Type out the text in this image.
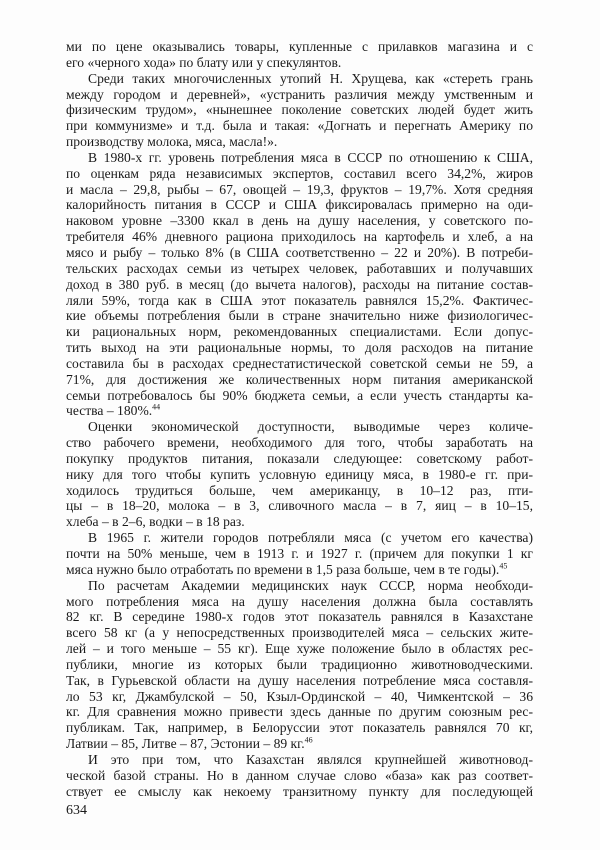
ми по цене оказывались товары, купленные с прилавков магазина и с
его «черного хода» по блату или у спекулянтов.
Среди таких многочисленных утопий Н. Хрущева, как «стереть грань
между городом и деревней», «устранить различия между умственным и
физическим трудом», «нынешнее поколение советских людей будет жить
при коммунизме» и т.д. была и такая: «Догнать и перегнать Америку по
производству молока, мяса, масла!».
В 1980-х гг. уровень потребления мяса в СССР по отношению к США,
по оценкам ряда независимых экспертов, составил всего 34,2%, жиров
и масла – 29,8, рыбы – 67, овощей – 19,3, фруктов – 19,7%. Хотя средняя
калорийность питания в СССР и США фиксировалась примерно на оди-
наковом уровне –3300 ккал в день на душу населения, у советского по-
требителя 46% дневного рациона приходилось на картофель и хлеб, а на
мясо и рыбу – только 8% (в США соответственно – 22 и 20%). В потреби-
тельских расходах семьи из четырех человек, работавших и получавших
доход в 380 руб. в месяц (до вычета налогов), расходы на питание состав-
ляли 59%, тогда как в США этот показатель равнялся 15,2%. Фактичес-
кие объемы потребления были в стране значительно ниже физиологичес-
ки рациональных норм, рекомендованных специалистами. Если допус-
тить выход на эти рациональные нормы, то доля расходов на питание
составила бы в расходах среднестатистической советской семьи не 59, а
71%, для достижения же количественных норм питания американской
семьи потребовалось бы 90% бюджета семьи, а если учесть стандарты ка-
чества – 180%.$^{44}$
Оценки экономической доступности, выводимые через количе-
ство рабочего времени, необходимого для того, чтобы заработать на
покупку продуктов питания, показали следующее: советскому работ-
нику для того чтобы купить условную единицу мяса, в 1980-е гг. при-
ходилось трудиться больше, чем американцу, в 10–12 раз, пти-
цы – в 18–20, молока – в 3, сливочного масла – в 7, яиц – в 10–15,
хлеба – в 2–6, водки – в 18 раз.
В 1965 г. жители городов потребляли мяса (с учетом его качества)
почти на 50% меньше, чем в 1913 г. и 1927 г. (причем для покупки 1 кг
мяса нужно было отработать по времени в 1,5 раза больше, чем в те годы).$^{45}$
По расчетам Академии медицинских наук СССР, норма необходи-
мого потребления мяса на душу населения должна была составлять
82 кг. В середине 1980-х годов этот показатель равнялся в Казахстане
всего 58 кг (а у непосредственных производителей мяса – сельских жите-
лей – и того меньше – 55 кг). Еще хуже положение было в областях рес-
публики, многие из которых были традиционно животноводческими.
Так, в Гурьевской области на душу населения потребление мяса составля-
ло 53 кг, Джамбулской – 50, Кзыл-Ординской – 40, Чимкентской – 36
кг. Для сравнения можно привести здесь данные по другим союзным рес-
публикам. Так, например, в Белоруссии этот показатель равнялся 70 кг,
Латвии – 85, Литве – 87, Эстонии – 89 кг.$^{46}$
И это при том, что Казахстан являлся крупнейшей животновод-
ческой базой страны. Но в данном случае слово «база» как раз соответ-
ствует ее смыслу как некоему транзитному пункту для последующей
634
